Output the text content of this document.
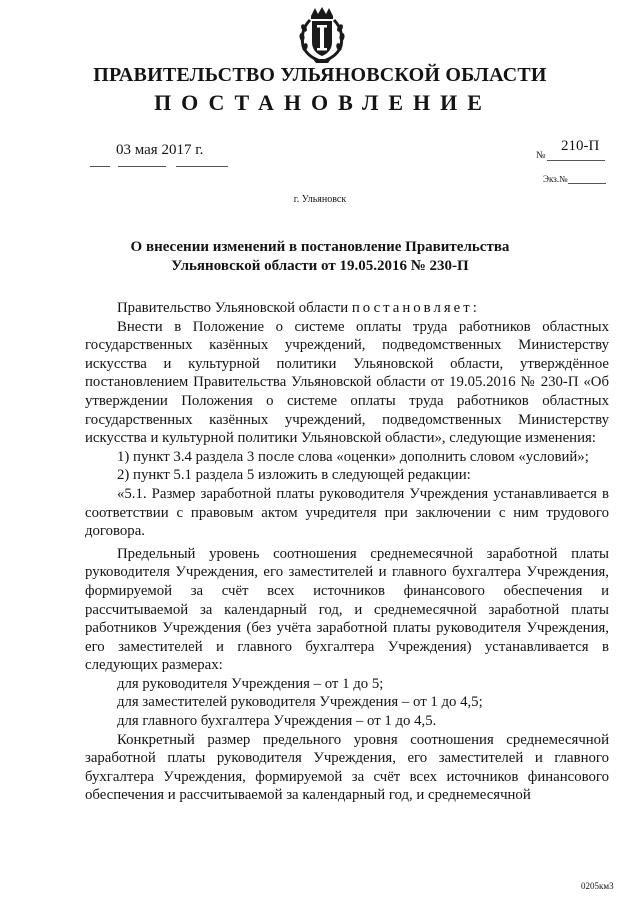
ПРАВИТЕЛЬСТВО УЛЬЯНОВСКОЙ ОБЛАСТИ
ПОСТАНОВЛЕНИЕ
03 мая 2017 г.	№
210-П
Экз.№
г. Ульяновск
О внесении изменений в постановление Правительства
Ульяновской области от 19.05.2016 № 230-П

Правительство Ульяновской области постановляет:

Внести в Положение о системе оплаты труда работников областных государственных казённых учреждений, подведомственных Министерству искусства и культурной политики Ульяновской области, утверждённое постановлением Правительства Ульяновской области от 19.05.2016 № 230-П «Об утверждении Положения о системе оплаты труда работников областных государственных казённых учреждений, подведомственных Министерству искусства и культурной политики Ульяновской области», следующие изменения:

1) пункт 3.4 раздела 3 после слова «оценки» дополнить словом «условий»;

2) пункт 5.1 раздела 5 изложить в следующей редакции:

«5.1. Размер заработной платы руководителя Учреждения устанавливается в соответствии с правовым актом учредителя при заключении с ним трудового договора.

Предельный уровень соотношения среднемесячной заработной платы руководителя Учреждения, его заместителей и главного бухгалтера Учреждения, формируемой за счёт всех источников финансового обеспечения и рассчитываемой за календарный год, и среднемесячной заработной платы работников Учреждения (без учёта заработной платы руководителя Учреждения, его заместителей и главного бухгалтера Учреждения) устанавливается в следующих размерах:

для руководителя Учреждения – от 1 до 5;

для заместителей руководителя Учреждения – от 1 до 4,5;

для главного бухгалтера Учреждения – от 1 до 4,5.

Конкретный размер предельного уровня соотношения среднемесячной заработной платы руководителя Учреждения, его заместителей и главного бухгалтера Учреждения, формируемой за счёт всех источников финансового обеспечения и рассчитываемой за календарный год, и среднемесячной

0205км3
